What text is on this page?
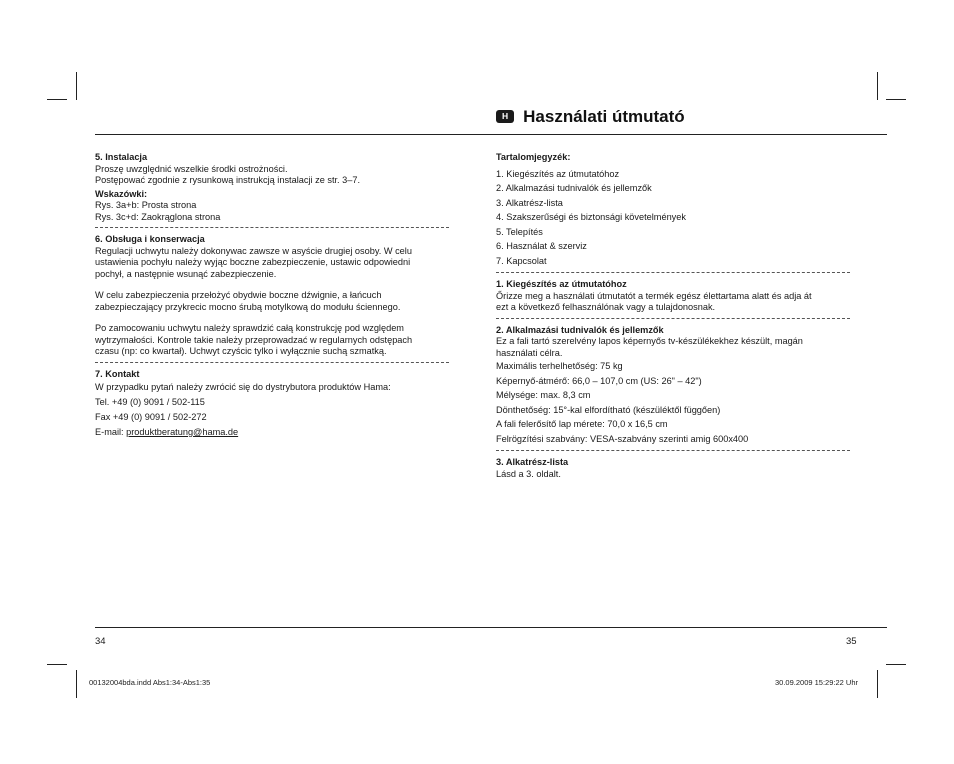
H Használati útmutató

5. Instalacja

Proszę uwzględnić wszelkie środki ostrożności.

Postępować zgodnie z rysunkową instrukcją instalacji ze str. 3–7.

Wskazówki:

Rys. 3a+b: Prosta strona

Rys. 3c+d: Zaokrąglona strona

6. Obsługa i konserwacja

Regulacji uchwytu należy dokonywac zawsze w asyście drugiej osoby. W celu

ustawienia pochyłu należy wyjąc boczne zabezpieczenie, ustawic odpowiedni

pochył, a następnie wsunąć zabezpieczenie.

W celu zabezpieczenia przełożyć obydwie boczne dźwignie, a łańcuch

zabezpieczający przykrecic mocno śrubą motylkową do modułu ściennego.

Po zamocowaniu uchwytu należy sprawdzić całą konstrukcję pod względem

wytrzymałości. Kontrole takie należy przeprowadzać w regularnych odstępach

czasu (np: co kwartał). Uchwyt czyścic tylko i wyłącznie suchą szmatką.

7. Kontakt

W przypadku pytań należy zwrócić się do dystrybutora produktów Hama:

Tel. +49 (0) 9091 / 502-115

Fax +49 (0) 9091 / 502-272

E-mail: produktberatung@hama.de

Tartalomjegyzék:

1. Kiegészítés az útmutatóhoz

2. Alkalmazási tudnivalók és jellemzők

3. Alkatrész-lista

4. Szakszerűségi és biztonsági követelmények

5. Telepítés

6. Használat & szerviz

7. Kapcsolat

1. Kiegészítés az útmutatóhoz

Őrizze meg a használati útmutatót a termék egész élettartama alatt és adja át

ezt a következő felhasználónak vagy a tulajdonosnak.

2. Alkalmazási tudnivalók és jellemzők

Ez a fali tartó szerelvény lapos képernyős tv-készülékekhez készült, magán

használati célra.

Maximális terhelhetőség: 75 kg

Képernyő-átmérő: 66,0 – 107,0 cm (US: 26" – 42")

Mélysége: max. 8,3 cm

Dönthetőség: 15°-kal elfordítható (készüléktől függően)

A fali felerősítő lap mérete: 70,0 x 16,5 cm

Felrögzítési szabvány: VESA-szabvány szerinti amig 600x400

3. Alkatrész-lista

Lásd a 3. oldalt.

34	35
00132004bda.indd Abs1:34-Abs1:35	30.09.2009 15:29:22 Uhr
